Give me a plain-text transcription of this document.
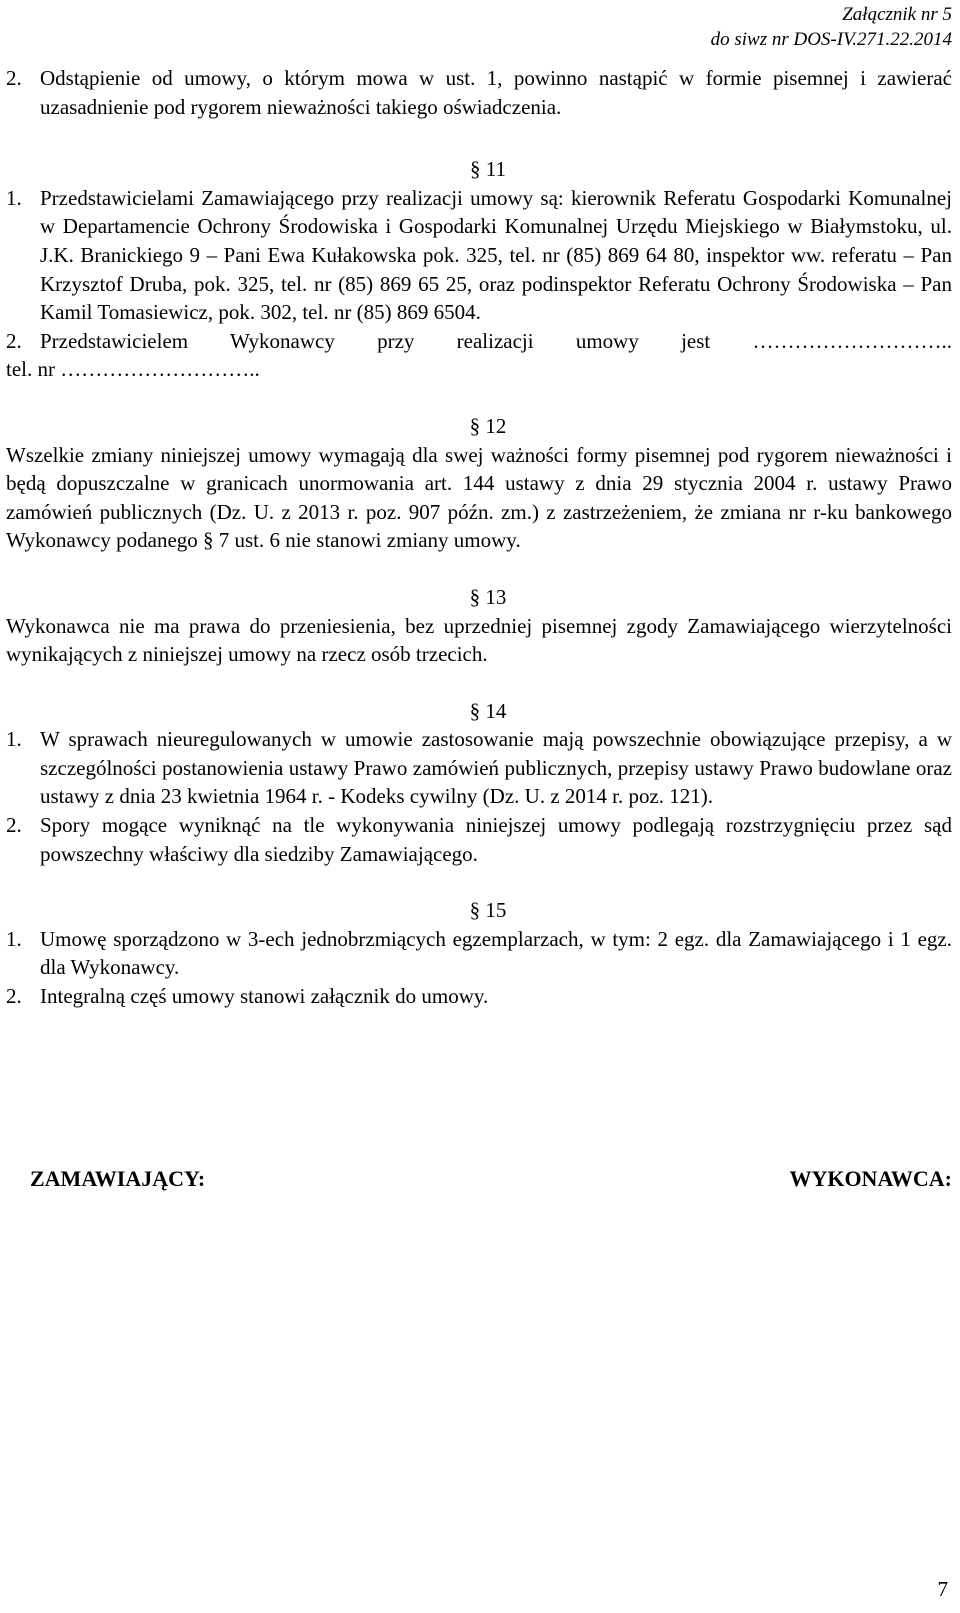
Załącznik nr 5
do siwz nr DOS-IV.271.22.2014
2. Odstąpienie od umowy, o którym mowa w ust. 1, powinno nastąpić w formie pisemnej i zawierać uzasadnienie pod rygorem nieważności takiego oświadczenia.
§ 11
1. Przedstawicielami Zamawiającego przy realizacji umowy są: kierownik Referatu Gospodarki Komunalnej w Departamencie Ochrony Środowiska i Gospodarki Komunalnej Urzędu Miejskiego w Białymstoku, ul. J.K. Branickiego 9 – Pani Ewa Kułakowska pok. 325, tel. nr (85) 869 64 80, inspektor ww. referatu – Pan Krzysztof Druba, pok. 325, tel. nr (85) 869 65 25, oraz podinspektor Referatu Ochrony Środowiska – Pan Kamil Tomasiewicz, pok. 302, tel. nr (85) 869 6504.
2. Przedstawicielem Wykonawcy przy realizacji umowy jest ………………………..
tel. nr ………………………..
§ 12
Wszelkie zmiany niniejszej umowy wymagają dla swej ważności formy pisemnej pod rygorem nieważności i będą dopuszczalne w granicach unormowania art. 144 ustawy z dnia 29 stycznia 2004 r. ustawy Prawo zamówień publicznych (Dz. U. z 2013 r. poz. 907 późn. zm.) z zastrzeżeniem, że zmiana nr r-ku bankowego Wykonawcy podanego § 7 ust. 6 nie stanowi zmiany umowy.
§ 13
Wykonawca nie ma prawa do przeniesienia, bez uprzedniej pisemnej zgody Zamawiającego wierzytelności wynikających z niniejszej umowy na rzecz osób trzecich.
§ 14
1. W sprawach nieuregulowanych w umowie zastosowanie mają powszechnie obowiązujące przepisy, a w szczególności postanowienia ustawy Prawo zamówień publicznych, przepisy ustawy Prawo budowlane oraz ustawy z dnia 23 kwietnia 1964 r. - Kodeks cywilny (Dz. U. z 2014 r. poz. 121).
2. Spory mogące wyniknąć na tle wykonywania niniejszej umowy podlegają rozstrzygnięciu przez sąd powszechny właściwy dla siedziby Zamawiającego.
§ 15
1. Umowę sporządzono w 3-ech jednobrzmiących egzemplarzach, w tym: 2 egz. dla Zamawiającego i 1 egz. dla Wykonawcy.
2. Integralną częś umowy stanowi załącznik do umowy.
ZAMAWIAJĄCY:	WYKONAWCA:
7
